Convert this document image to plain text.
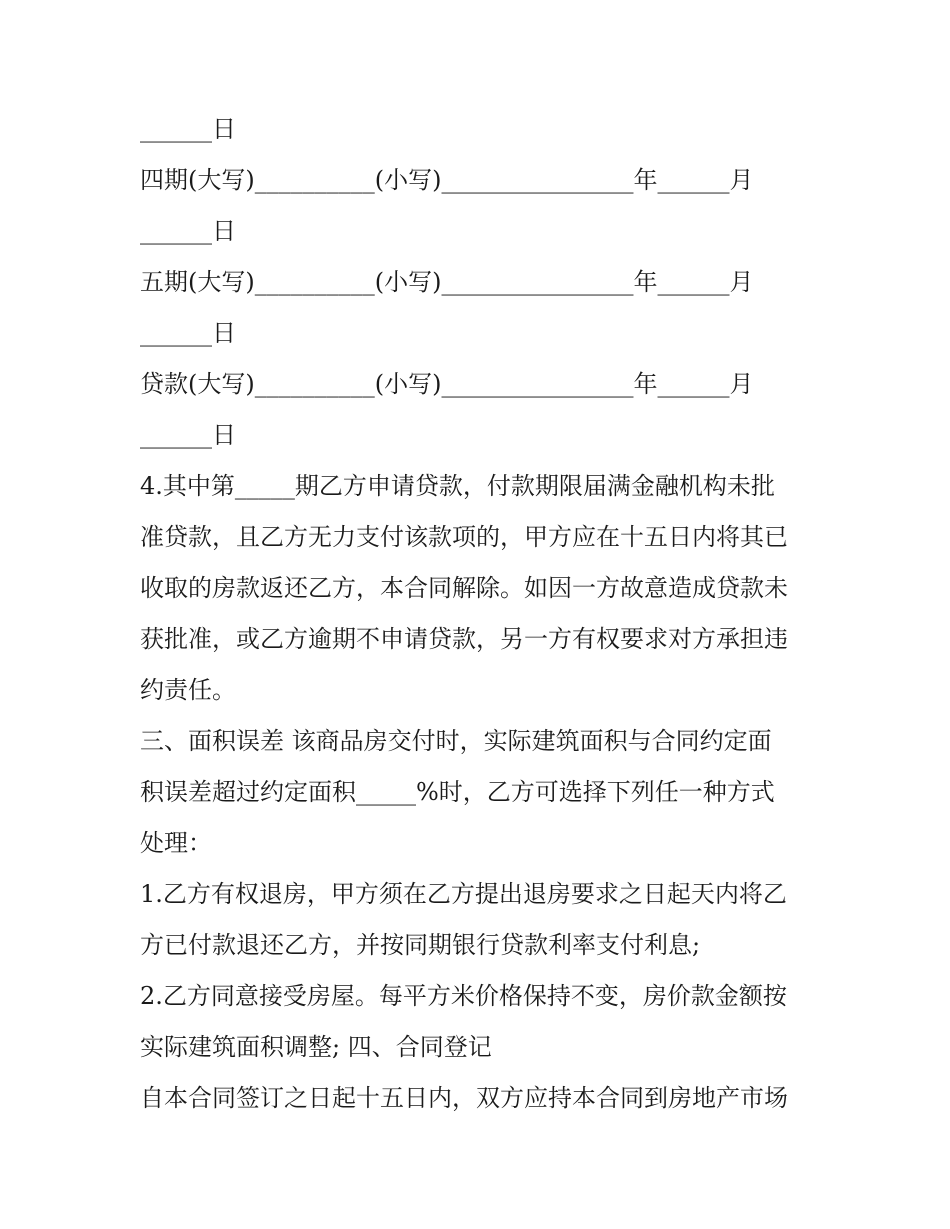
______日
四期(大写)__________(小写)________________年______月
______日
五期(大写)__________(小写)________________年______月
______日
贷款(大写)__________(小写)________________年______月
______日
4.其中第_____期乙方申请贷款，付款期限届满金融机构未批
准贷款，且乙方无力支付该款项的，甲方应在十五日内将其已
收取的房款返还乙方，本合同解除。如因一方故意造成贷款未
获批准，或乙方逾期不申请贷款，另一方有权要求对方承担违
约责任。
三、面积误差 该商品房交付时，实际建筑面积与合同约定面
积误差超过约定面积_____%时，乙方可选择下列任一种方式
处理：
1.乙方有权退房，甲方须在乙方提出退房要求之日起天内将乙
方已付款退还乙方，并按同期银行贷款利率支付利息;
2.乙方同意接受房屋。每平方米价格保持不变，房价款金额按
实际建筑面积调整; 四、合同登记
自本合同签订之日起十五日内，双方应持本合同到房地产市场
